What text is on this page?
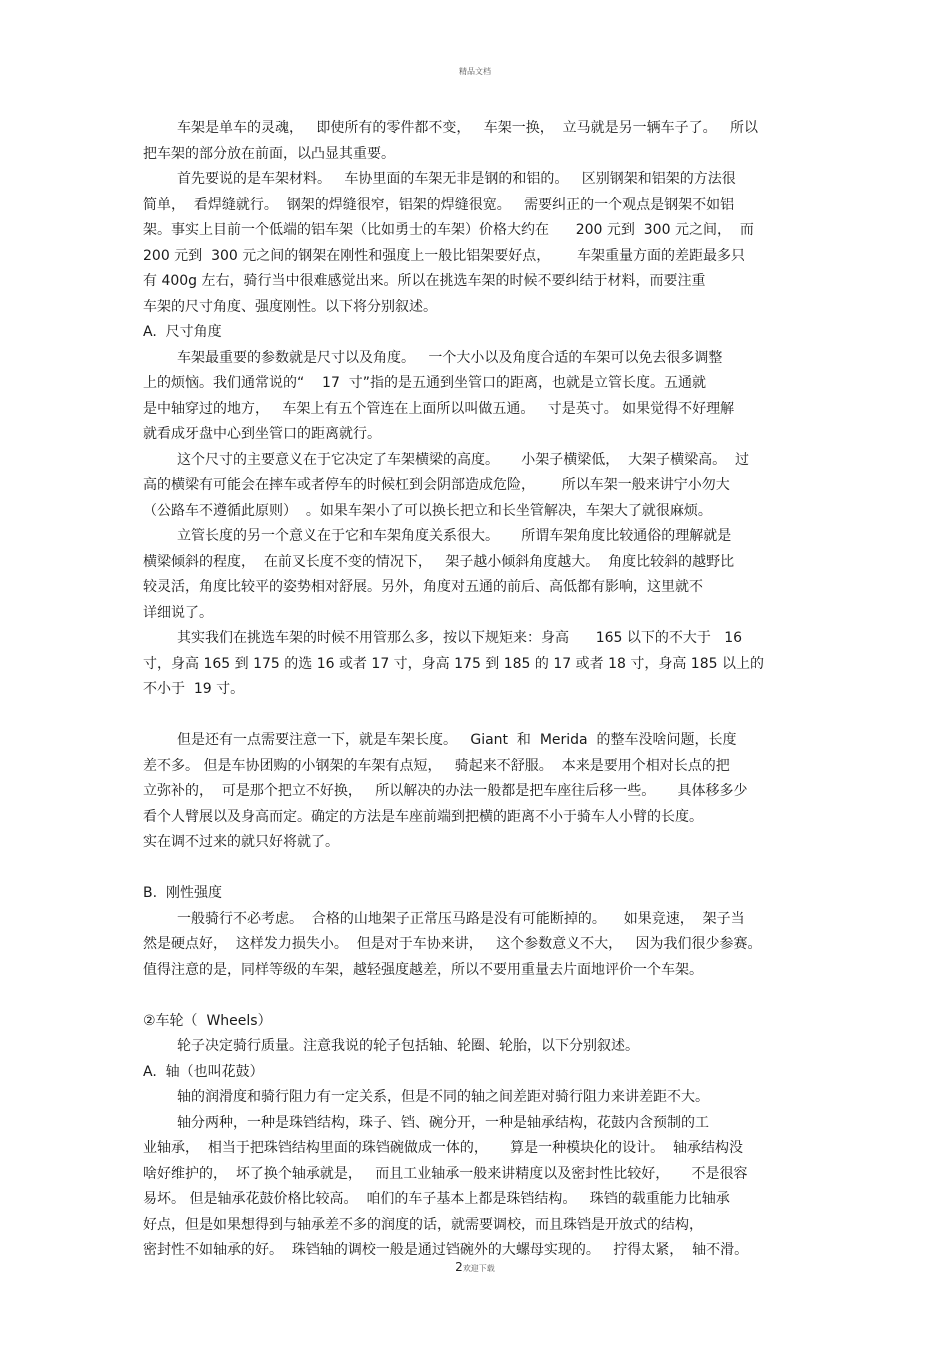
精品文档

车架是单车的灵魂，   即使所有的零件都不变，   车架一换，  立马就是另一辆车子了。   所以
把车架的部分放在前面，以凸显其重要。

首先要说的是车架材料。   车协里面的车架无非是钢的和铝的。   区别钢架和铝架的方法很
简单，  看焊缝就行。  钢架的焊缝很窄，铝架的焊缝很宽。   需要纠正的一个观点是钢架不如铝
架。事实上目前一个低端的铝车架（比如勇士的车架）价格大约在      200 元到  300 元之间，  而
200 元到  300 元之间的钢架在刚性和强度上一般比铝架要好点，      车架重量方面的差距最多只
有 400g 左右，骑行当中很难感觉出来。所以在挑选车架的时候不要纠结于材料，而要注重
车架的尺寸角度、强度刚性。以下将分别叙述。

A.  尺寸角度

车架最重要的参数就是尺寸以及角度。   一个大小以及角度合适的车架可以免去很多调整
上的烦恼。我们通常说的“    17  寸”指的是五通到坐管口的距离，也就是立管长度。五通就
是中轴穿过的地方，   车架上有五个管连在上面所以叫做五通。   寸是英寸。 如果觉得不好理解
就看成牙盘中心到坐管口的距离就行。

这个尺寸的主要意义在于它决定了车架横梁的高度。     小架子横梁低，  大架子横梁高。  过
高的横梁有可能会在摔车或者停车的时候杠到会阴部造成危险，      所以车架一般来讲宁小勿大
（公路车不遵循此原则）  。如果车架小了可以换长把立和长坐管解决，车架大了就很麻烦。

立管长度的另一个意义在于它和车架角度关系很大。     所谓车架角度比较通俗的理解就是
横梁倾斜的程度，  在前叉长度不变的情况下，   架子越小倾斜角度越大。  角度比较斜的越野比
较灵活，角度比较平的姿势相对舒展。另外，角度对五通的前后、高低都有影响，这里就不
详细说了。

其实我们在挑选车架的时候不用管那么多，按以下规矩来：身高      165 以下的不大于   16
寸，身高 165 到 175 的选 16 或者 17 寸，身高 175 到 185 的 17 或者 18 寸，身高 185 以上的
不小于  19 寸。

但是还有一点需要注意一下，就是车架长度。   Giant  和  Merida  的整车没啥问题，长度
差不多。 但是车协团购的小钢架的车架有点短，   骑起来不舒服。  本来是要用个相对长点的把
立弥补的，  可是那个把立不好换，   所以解决的办法一般都是把车座往后移一些。     具体移多少
看个人臂展以及身高而定。确定的方法是车座前端到把横的距离不小于骑车人小臂的长度。
实在调不过来的就只好将就了。

B.  刚性强度

一般骑行不必考虑。  合格的山地架子正常压马路是没有可能断掉的。    如果竞速，  架子当
然是硬点好，  这样发力损失小。  但是对于车协来讲，   这个参数意义不大，   因为我们很少参赛。
值得注意的是，同样等级的车架，越轻强度越差，所以不要用重量去片面地评价一个车架。

②车轮（  Wheels）

轮子决定骑行质量。注意我说的轮子包括轴、轮圈、轮胎，以下分别叙述。

A.  轴（也叫花鼓）

轴的润滑度和骑行阻力有一定关系，但是不同的轴之间差距对骑行阻力来讲差距不大。

轴分两种，一种是珠铛结构，珠子、铛、碗分开，一种是轴承结构，花鼓内含预制的工
业轴承，  相当于把珠铛结构里面的珠铛碗做成一体的，     算是一种模块化的设计。  轴承结构没
啥好维护的，  坏了换个轴承就是，   而且工业轴承一般来讲精度以及密封性比较好，     不是很容
易坏。 但是轴承花鼓价格比较高。  咱们的车子基本上都是珠铛结构。   珠铛的载重能力比轴承
好点，但是如果想得到与轴承差不多的润度的话，就需要调校，而且珠铛是开放式的结构，
密封性不如轴承的好。  珠铛轴的调校一般是通过铛碗外的大螺母实现的。   拧得太紧，  轴不滑。

2欢迎下载
